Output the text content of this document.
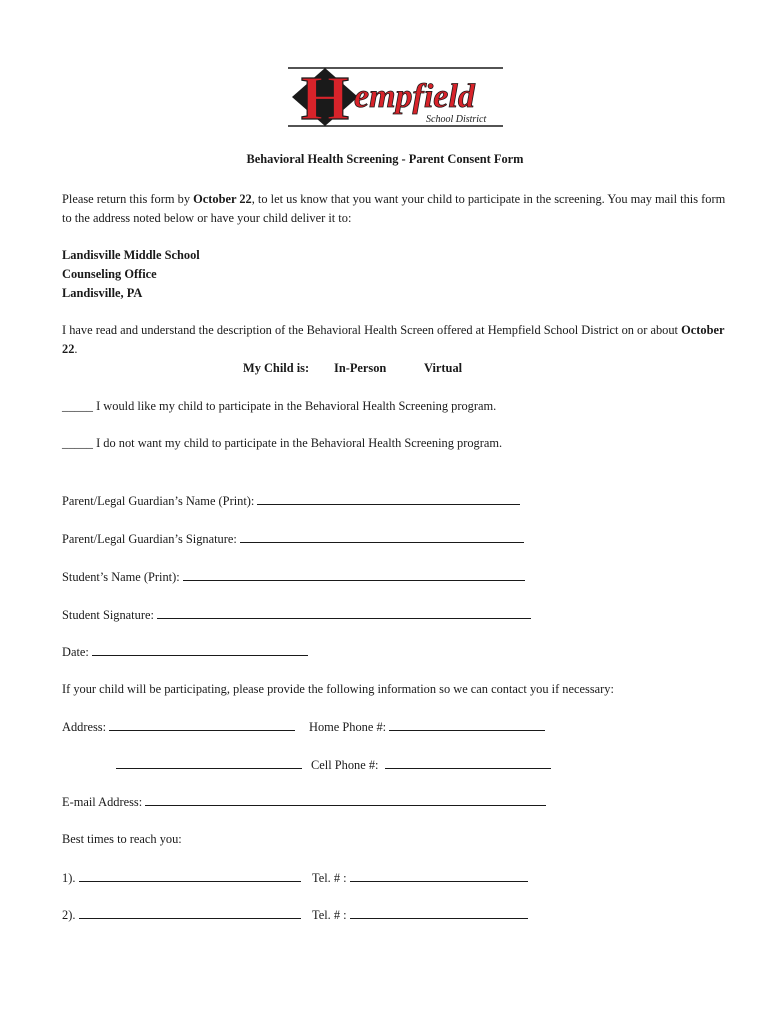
H empfield
School District
Behavioral Health Screening - Parent Consent Form
Please return this form by October 22, to let us know that you want your child to participate in the screening. You may mail this form to the address noted below or have your child deliver it to:
Landisville Middle School
Counseling Office
Landisville, PA
I have read and understand the description of the Behavioral Health Screen offered at Hempfield School District on or about October 22.
My Child is: In-Person	Virtual
_____ I would like my child to participate in the Behavioral Health Screening program.
_____ I do not want my child to participate in the Behavioral Health Screening program.
Parent/Legal Guardian’s Name (Print):
Parent/Legal Guardian’s Signature:
Student’s Name (Print):
Student Signature:
Date:
If your child will be participating, please provide the following information so we can contact you if necessary:
Address:	Home Phone #:
Cell Phone #:
E-mail Address:
Best times to reach you:
1).	Tel. # :
2).	Tel. # :
